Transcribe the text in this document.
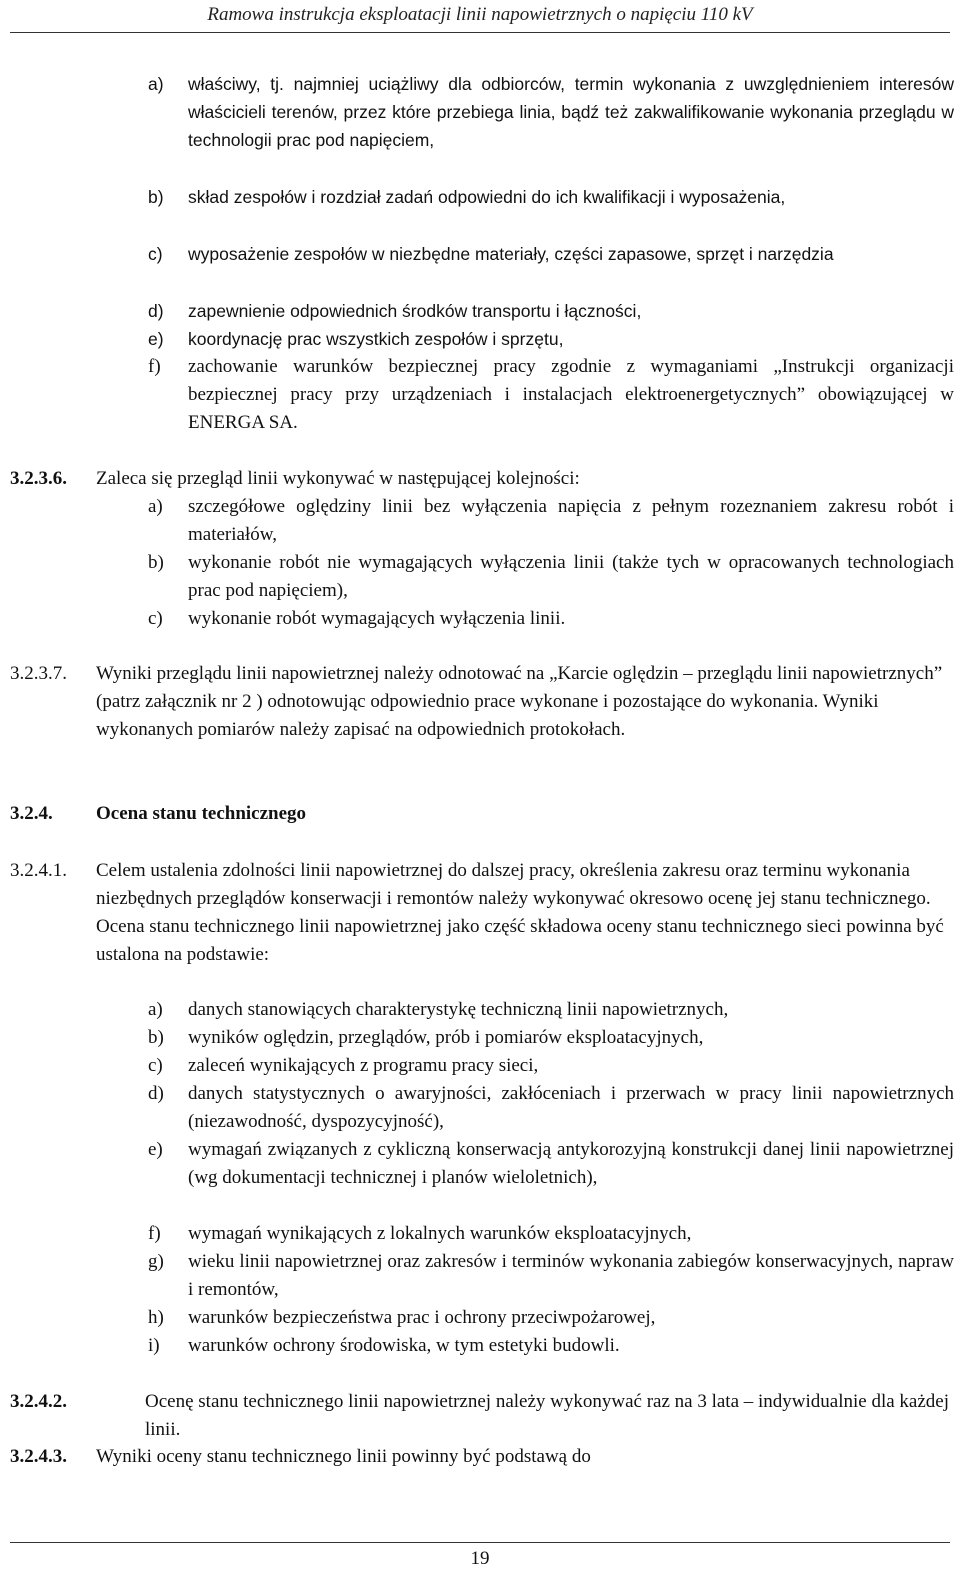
Ramowa instrukcja eksploatacji linii napowietrznych o napięciu 110 kV
a) właściwy, tj. najmniej uciążliwy dla odbiorców, termin wykonania z uwzględnieniem interesów właścicieli terenów, przez które przebiega linia, bądź też zakwalifikowanie wykonania przeglądu w technologii prac pod napięciem,
b) skład zespołów i rozdział zadań odpowiedni do ich kwalifikacji i wyposażenia,
c) wyposażenie zespołów w niezbędne materiały, części zapasowe, sprzęt i narzędzia
d) zapewnienie odpowiednich środków transportu i łączności,
e) koordynację prac wszystkich zespołów i sprzętu,
f) zachowanie warunków bezpiecznej pracy zgodnie z wymaganiami „Instrukcji organizacji bezpiecznej pracy przy urządzeniach i instalacjach elektroenergetycznych” obowiązującej w ENERGA SA.
3.2.3.6. Zaleca się przegląd linii wykonywać w następującej kolejności:
a) szczegółowe oględziny linii bez wyłączenia napięcia z pełnym rozeznaniem zakresu robót i materiałów,
b) wykonanie robót nie wymagających wyłączenia linii (także tych w opracowanych technologiach prac pod napięciem),
c) wykonanie robót wymagających wyłączenia linii.
3.2.3.7. Wyniki przeglądu linii napowietrznej należy odnotować na „Karcie oględzin – przeglądu linii napowietrznych” (patrz załącznik nr 2 ) odnotowując odpowiednio prace wykonane i pozostające do wykonania. Wyniki wykonanych pomiarów należy zapisać na odpowiednich protokołach.
3.2.4. Ocena stanu technicznego
3.2.4.1. Celem ustalenia zdolności linii napowietrznej do dalszej pracy, określenia zakresu oraz terminu wykonania niezbędnych przeglądów konserwacji i remontów należy wykonywać okresowo ocenę jej stanu technicznego. Ocena stanu technicznego linii napowietrznej jako część składowa oceny stanu technicznego sieci powinna być ustalona na podstawie:
a) danych stanowiących charakterystykę techniczną linii napowietrznych,
b) wyników oględzin, przeglądów, prób i pomiarów eksploatacyjnych,
c) zaleceń wynikających z programu pracy sieci,
d) danych statystycznych o awaryjności, zakłóceniach i przerwach w pracy linii napowietrznych (niezawodność, dyspozycyjność),
e) wymagań związanych z cykliczną konserwacją antykorozyjną konstrukcji danej linii napowietrznej (wg dokumentacji technicznej i planów wieloletnich),
f) wymagań wynikających z lokalnych warunków eksploatacyjnych,
g) wieku linii napowietrznej oraz zakresów i terminów wykonania zabiegów konserwacyjnych, napraw i remontów,
h) warunków bezpieczeństwa prac i ochrony przeciwpożarowej,
i) warunków ochrony środowiska, w tym estetyki budowli.
3.2.4.2.	Ocenę stanu technicznego linii napowietrznej należy wykonywać raz na 3 lata – indywidualnie dla każdej linii.
3.2.4.3. Wyniki oceny stanu technicznego linii powinny być podstawą do
19
